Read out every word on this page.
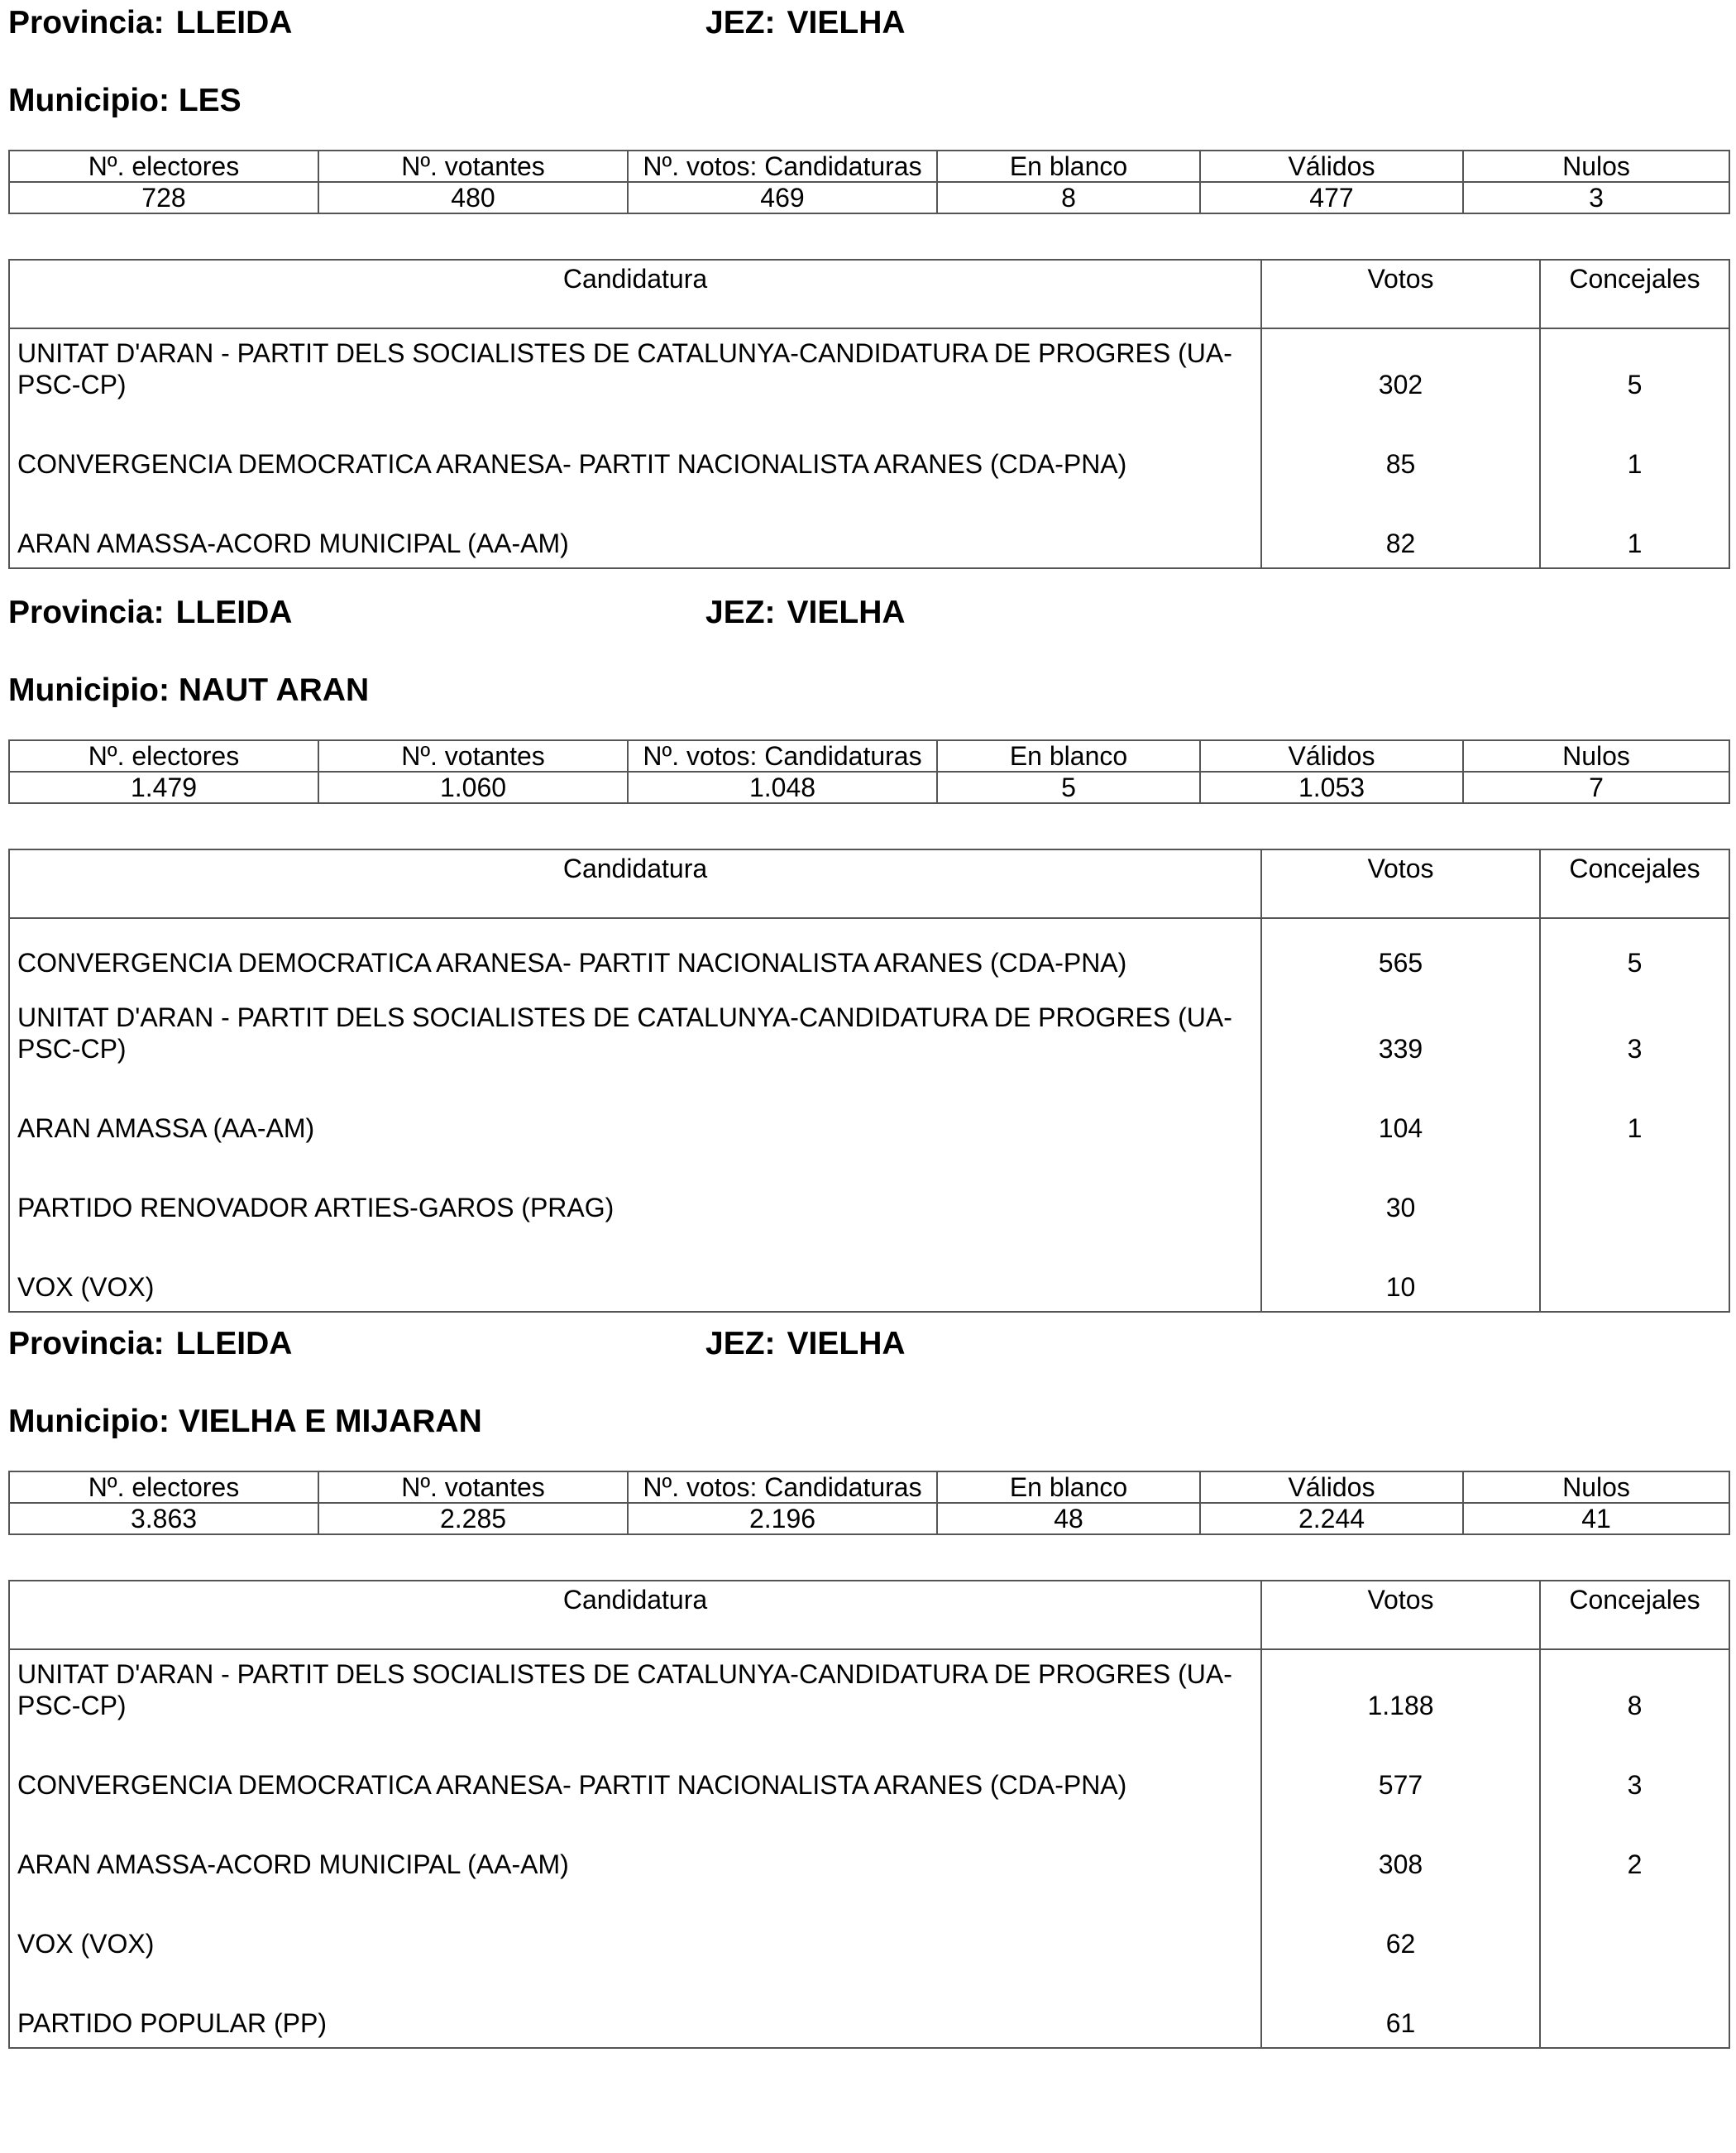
Provincia: LLEIDA	JEZ: VIELHA
Municipio: LES
Nº. electores	Nº. votantes	Nº. votos: Candidaturas	En blanco	Válidos	Nulos
728	480	469	8	477	3
Candidatura	Votos	Concejales
UNITAT D'ARAN - PARTIT DELS SOCIALISTES DE CATALUNYA-CANDIDATURA DE PROGRES (UA-PSC-CP)	302	5
CONVERGENCIA DEMOCRATICA ARANESA- PARTIT NACIONALISTA ARANES (CDA-PNA)	85	1
ARAN AMASSA-ACORD MUNICIPAL (AA-AM)	82	1
Provincia: LLEIDA	JEZ: VIELHA
Municipio: NAUT ARAN
Nº. electores	Nº. votantes	Nº. votos: Candidaturas	En blanco	Válidos	Nulos
1.479	1.060	1.048	5	1.053	7
Candidatura	Votos	Concejales
CONVERGENCIA DEMOCRATICA ARANESA- PARTIT NACIONALISTA ARANES (CDA-PNA)	565	5
UNITAT D'ARAN - PARTIT DELS SOCIALISTES DE CATALUNYA-CANDIDATURA DE PROGRES (UA-PSC-CP)	339	3
ARAN AMASSA (AA-AM)	104	1
PARTIDO RENOVADOR ARTIES-GAROS (PRAG)	30	
VOX (VOX)	10	
Provincia: LLEIDA	JEZ: VIELHA
Municipio: VIELHA E MIJARAN
Nº. electores	Nº. votantes	Nº. votos: Candidaturas	En blanco	Válidos	Nulos
3.863	2.285	2.196	48	2.244	41
Candidatura	Votos	Concejales
UNITAT D'ARAN - PARTIT DELS SOCIALISTES DE CATALUNYA-CANDIDATURA DE PROGRES (UA-PSC-CP)	1.188	8
CONVERGENCIA DEMOCRATICA ARANESA- PARTIT NACIONALISTA ARANES (CDA-PNA)	577	3
ARAN AMASSA-ACORD MUNICIPAL (AA-AM)	308	2
VOX (VOX)	62	
PARTIDO POPULAR (PP)	61	
